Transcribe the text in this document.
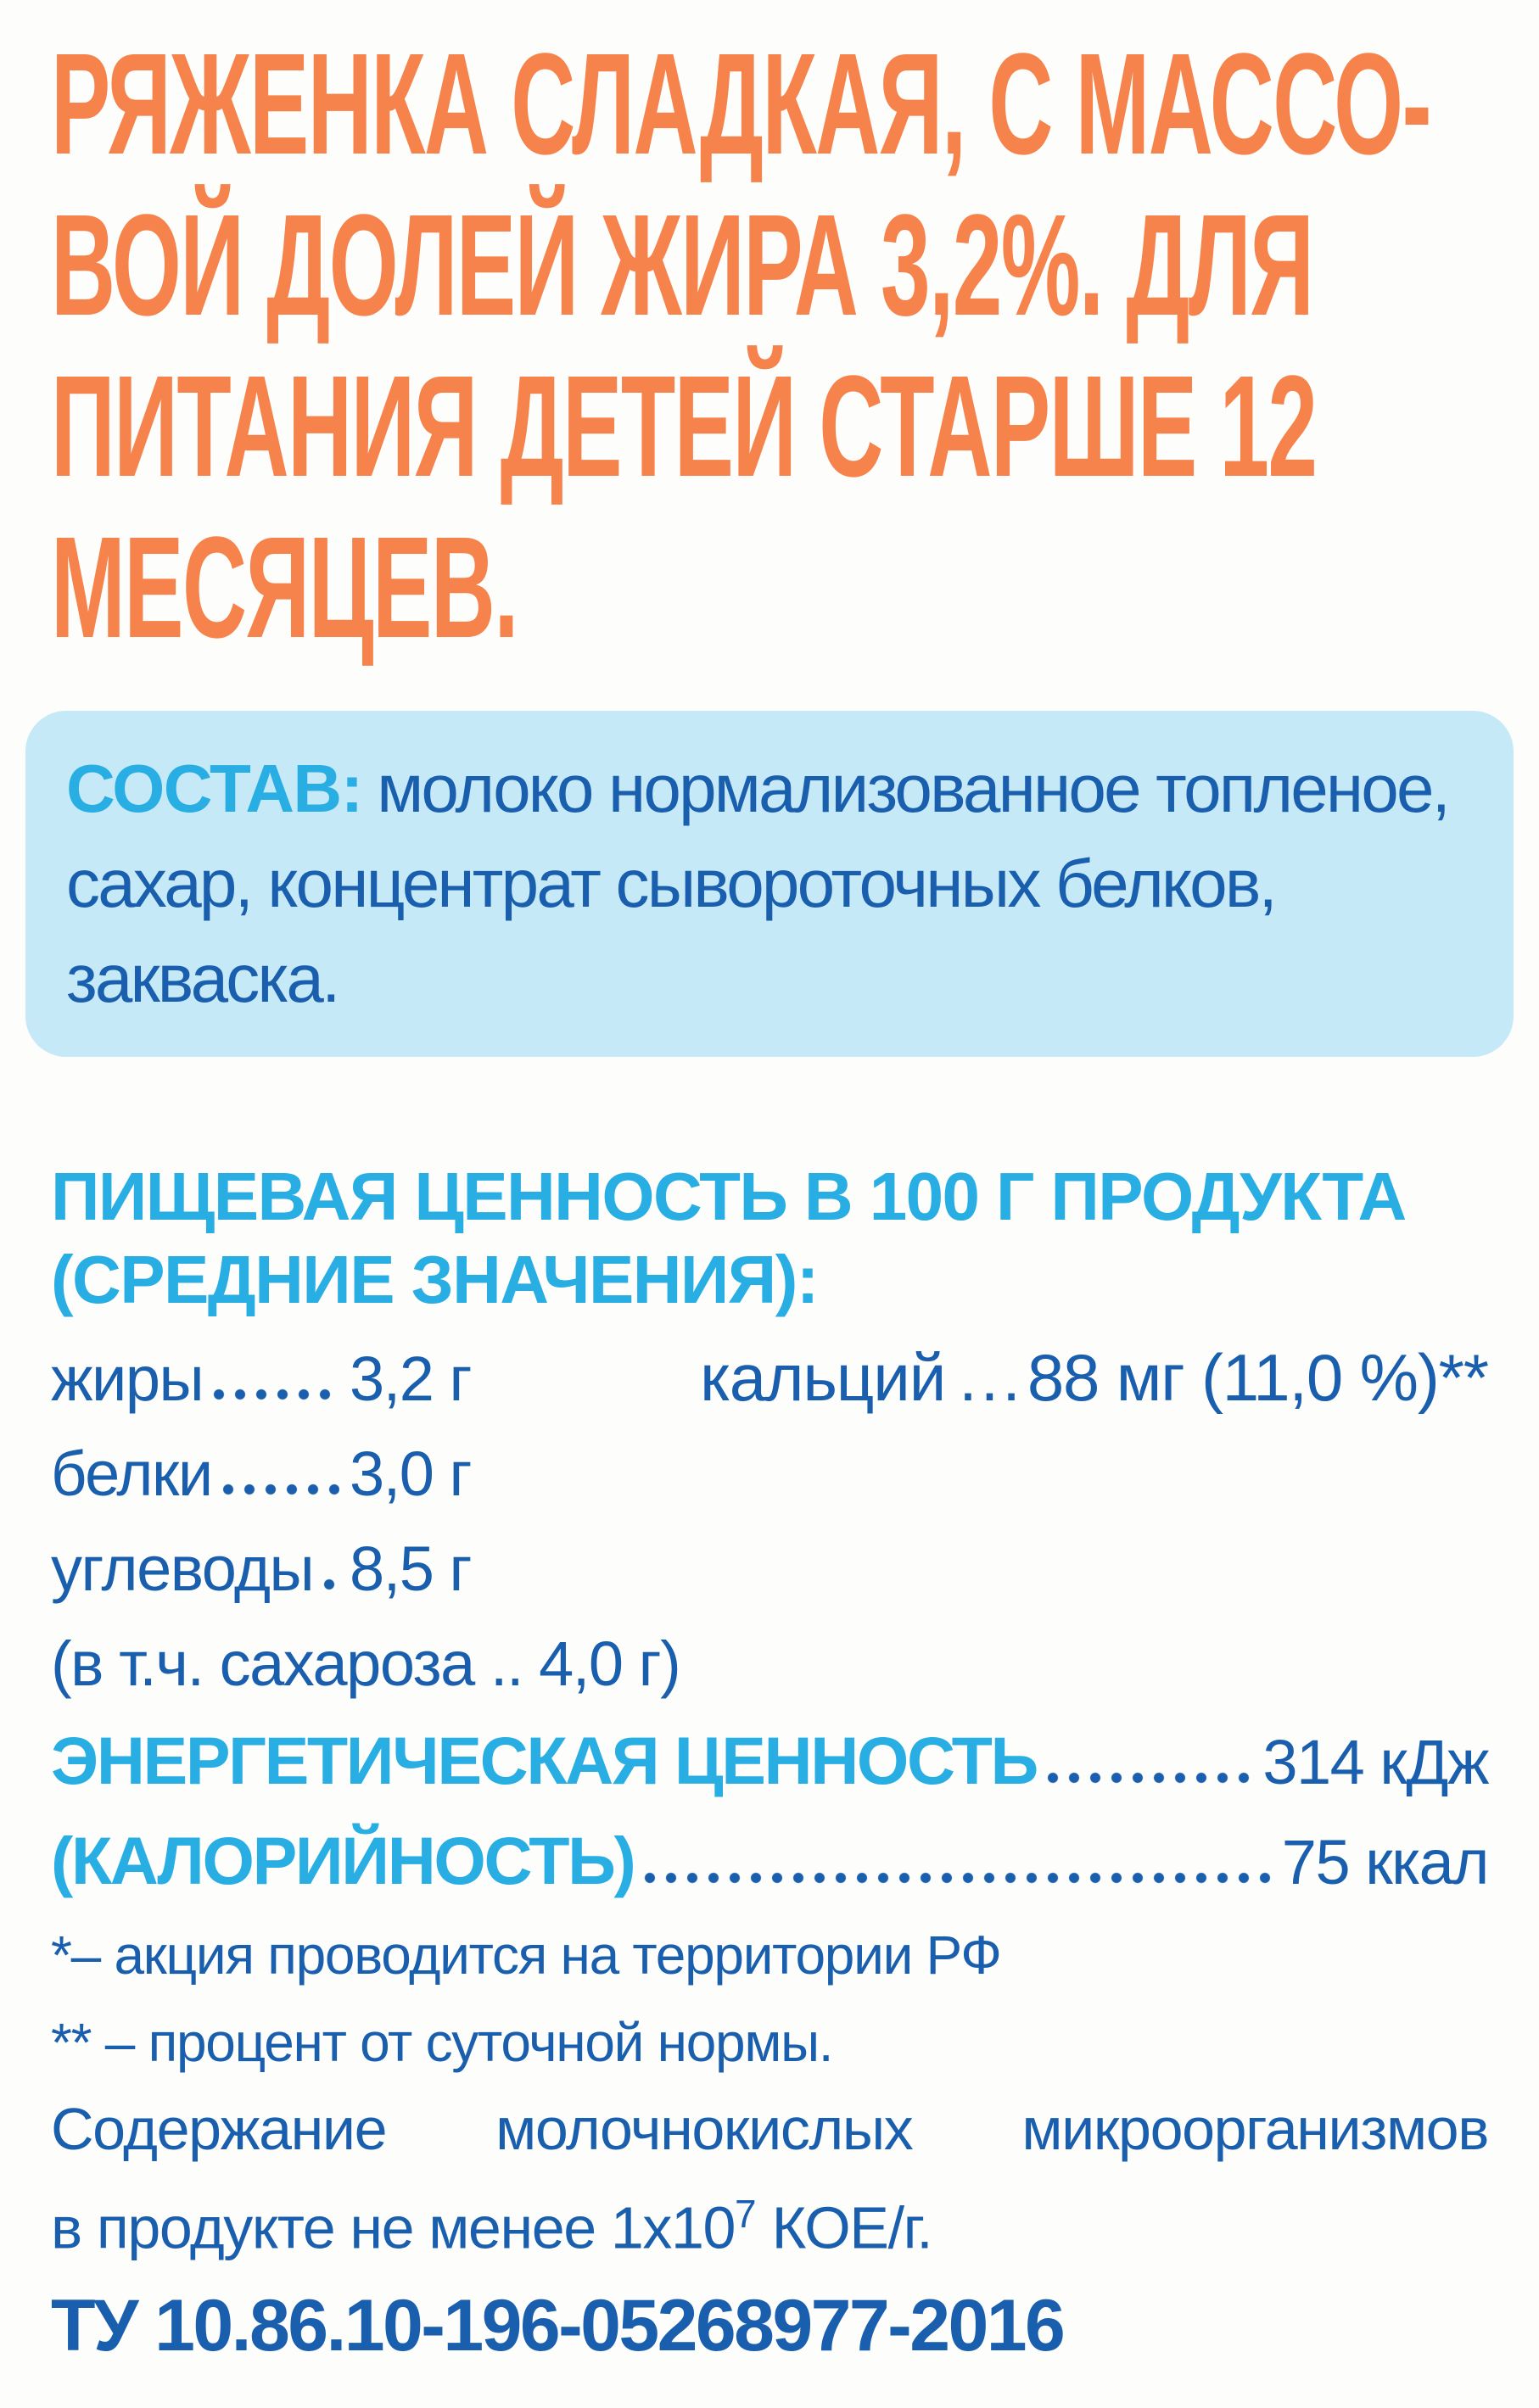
РЯЖЕНКА СЛАДКАЯ, С МАССО-
ВОЙ ДОЛЕЙ ЖИРА 3,2%. ДЛЯ
ПИТАНИЯ ДЕТЕЙ СТАРШЕ 12
МЕСЯЦЕВ.
СОСТАВ: молоко нормализованное топленое,
сахар, концентрат сывороточных белков,
закваска.
ПИЩЕВАЯ ЦЕННОСТЬ В 100 Г ПРОДУКТА
(СРЕДНИЕ ЗНАЧЕНИЯ):
жиры 3,2 г	кальций ...88 мг (11,0 %)**
белки 3,0 г
углеводы 8,5 г
(в т.ч. сахароза .. 4,0 г)
ЭНЕРГЕТИЧЕСКАЯ ЦЕННОСТЬ	314 кДж
(КАЛОРИЙНОСТЬ)	75 ккал
*– акция проводится на территории РФ
** – процент от суточной нормы.
Содержание молочнокислых микроорганизмов
в продукте не менее $1х10^7$ КОЕ/г.
ТУ 10.86.10-196-05268977-2016
